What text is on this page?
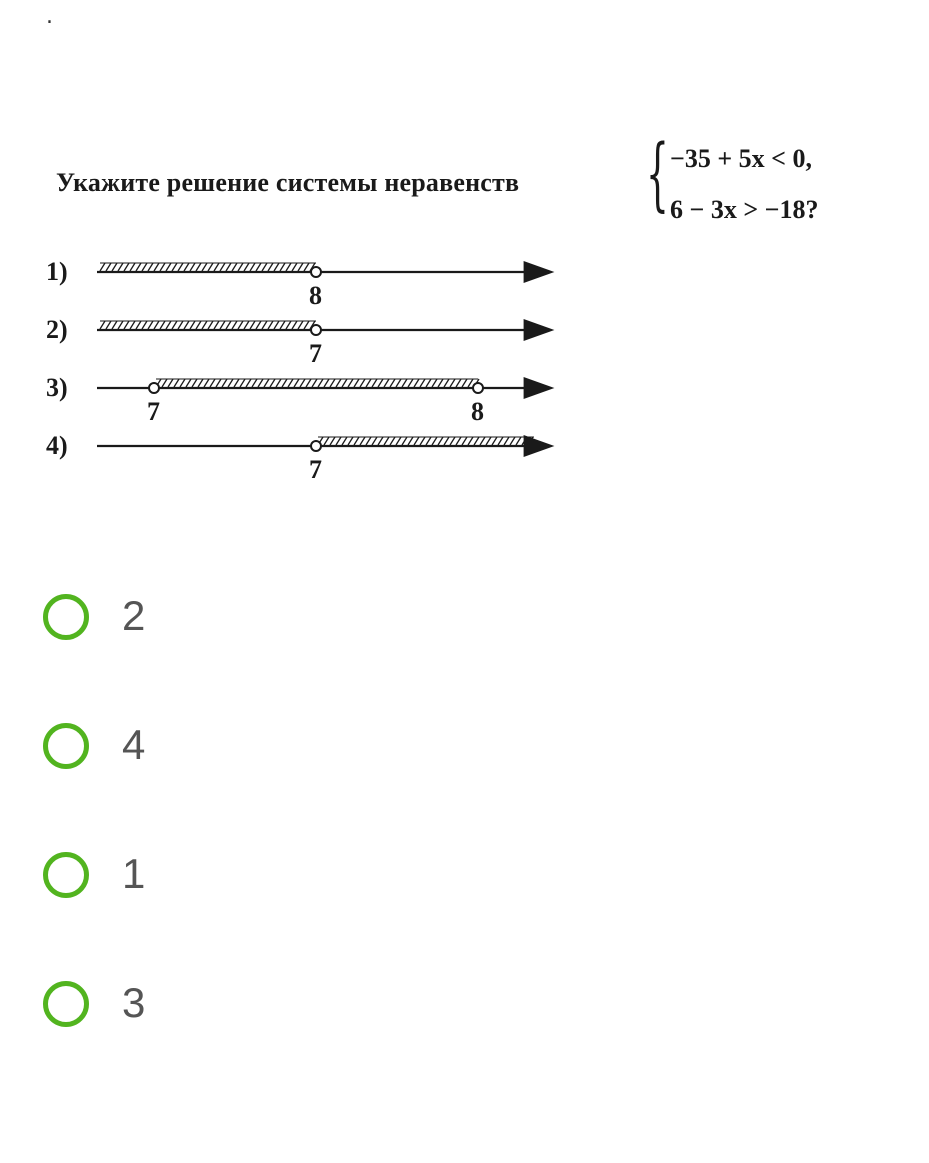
.
Укажите решение системы неравенств { −35 + 5x < 0,
6 − 3x > −18?
1)
8
2)
7
3)
7	8
4)
7
2
4
1
3
